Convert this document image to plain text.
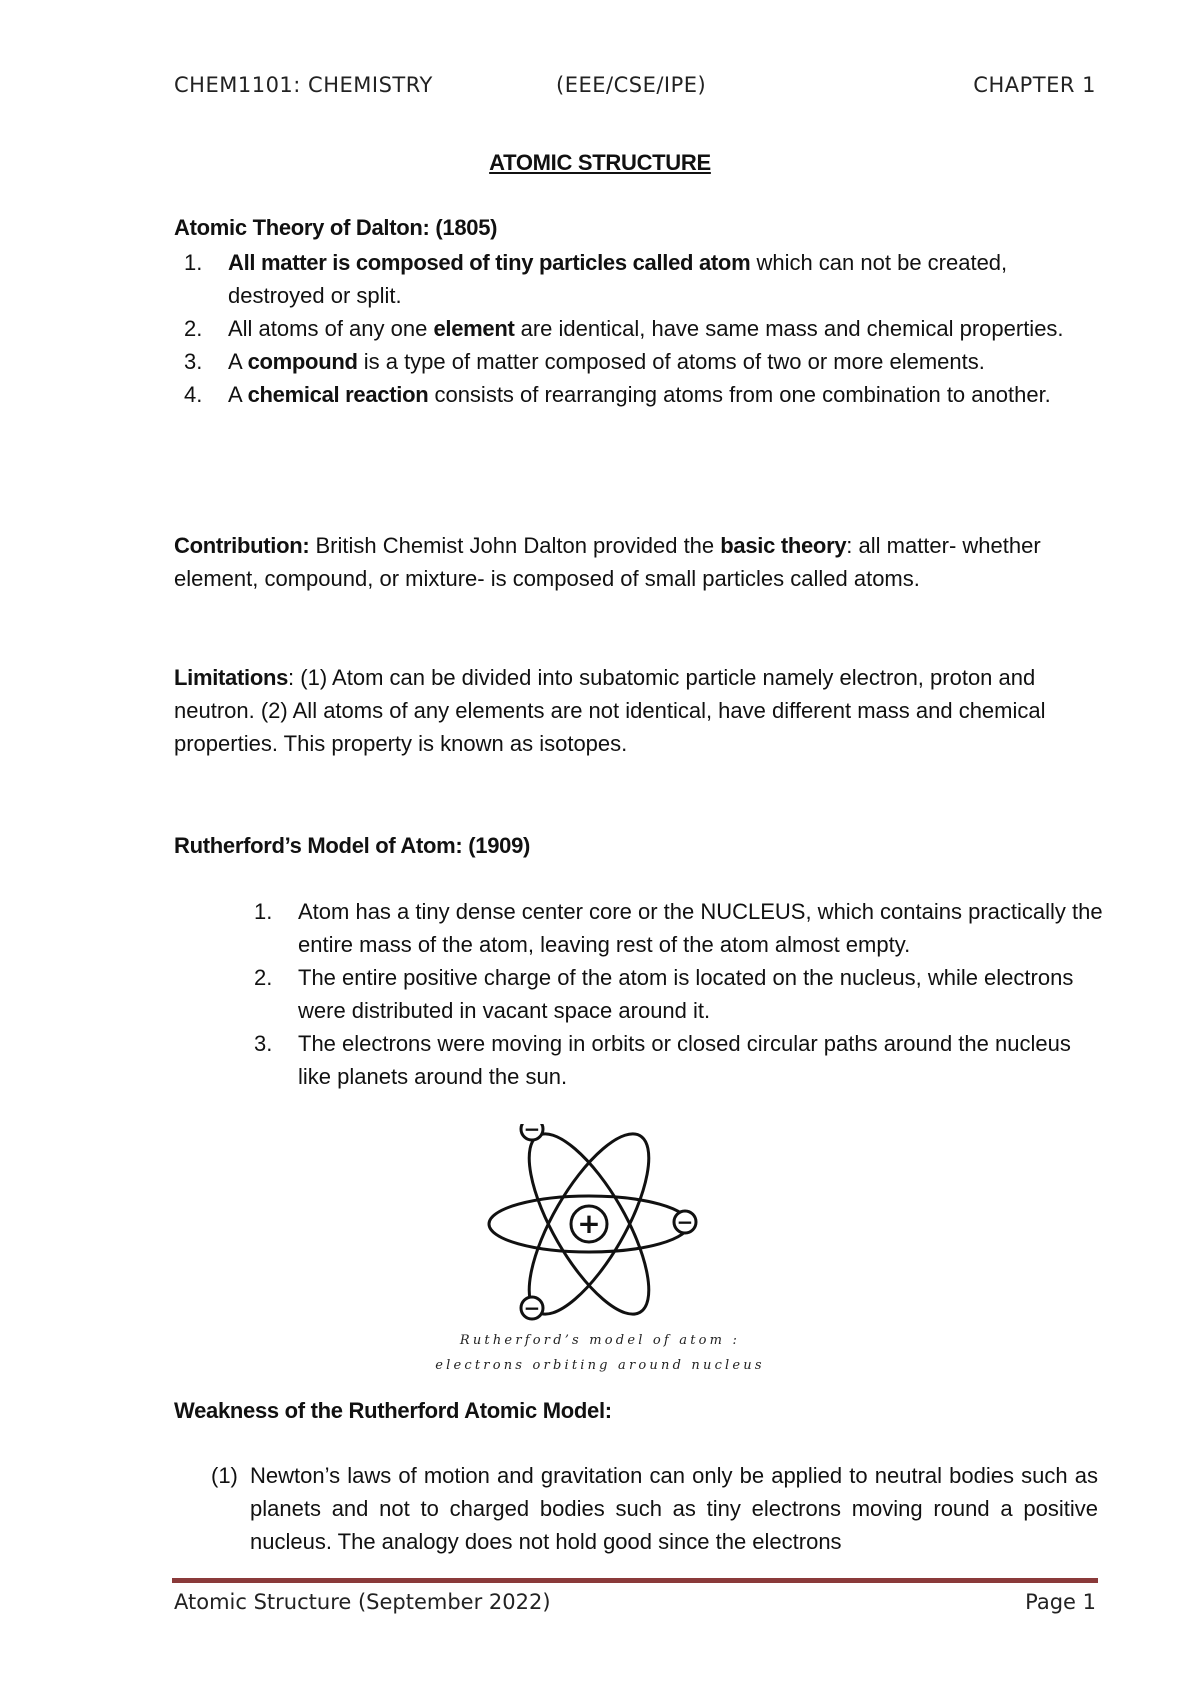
CHEM1101: CHEMISTRY	(EEE/CSE/IPE)	CHAPTER 1
ATOMIC STRUCTURE
Atomic Theory of Dalton: (1805)
1. All matter is composed of tiny particles called atom which can not be created, destroyed or split.
2. All atoms of any one element are identical, have same mass and chemical properties.
3. A compound is a type of matter composed of atoms of two or more elements.
4. A chemical reaction consists of rearranging atoms from one combination to another.

Contribution: British Chemist John Dalton provided the basic theory: all matter- whether element, compound, or mixture- is composed of small particles called atoms.

Limitations: (1) Atom can be divided into subatomic particle namely electron, proton and neutron. (2) All atoms of any elements are not identical, have different mass and chemical properties. This property is known as isotopes.

Rutherford’s Model of Atom: (1909)
1. Atom has a tiny dense center core or the NUCLEUS, which contains practically the entire mass of the atom, leaving rest of the atom almost empty.
2. The entire positive charge of the atom is located on the nucleus, while electrons were distributed in vacant space around it.
3. The electrons were moving in orbits or closed circular paths around the nucleus like planets around the sun.
+
−
−
−
Rutherford’s model of atom :
electrons orbiting around nucleus
Weakness of the Rutherford Atomic Model:
(1) Newton’s laws of motion and gravitation can only be applied to neutral bodies such as planets and not to charged bodies such as tiny electrons moving round a positive nucleus. The analogy does not hold good since the electrons
Atomic Structure (September 2022)	Page 1
